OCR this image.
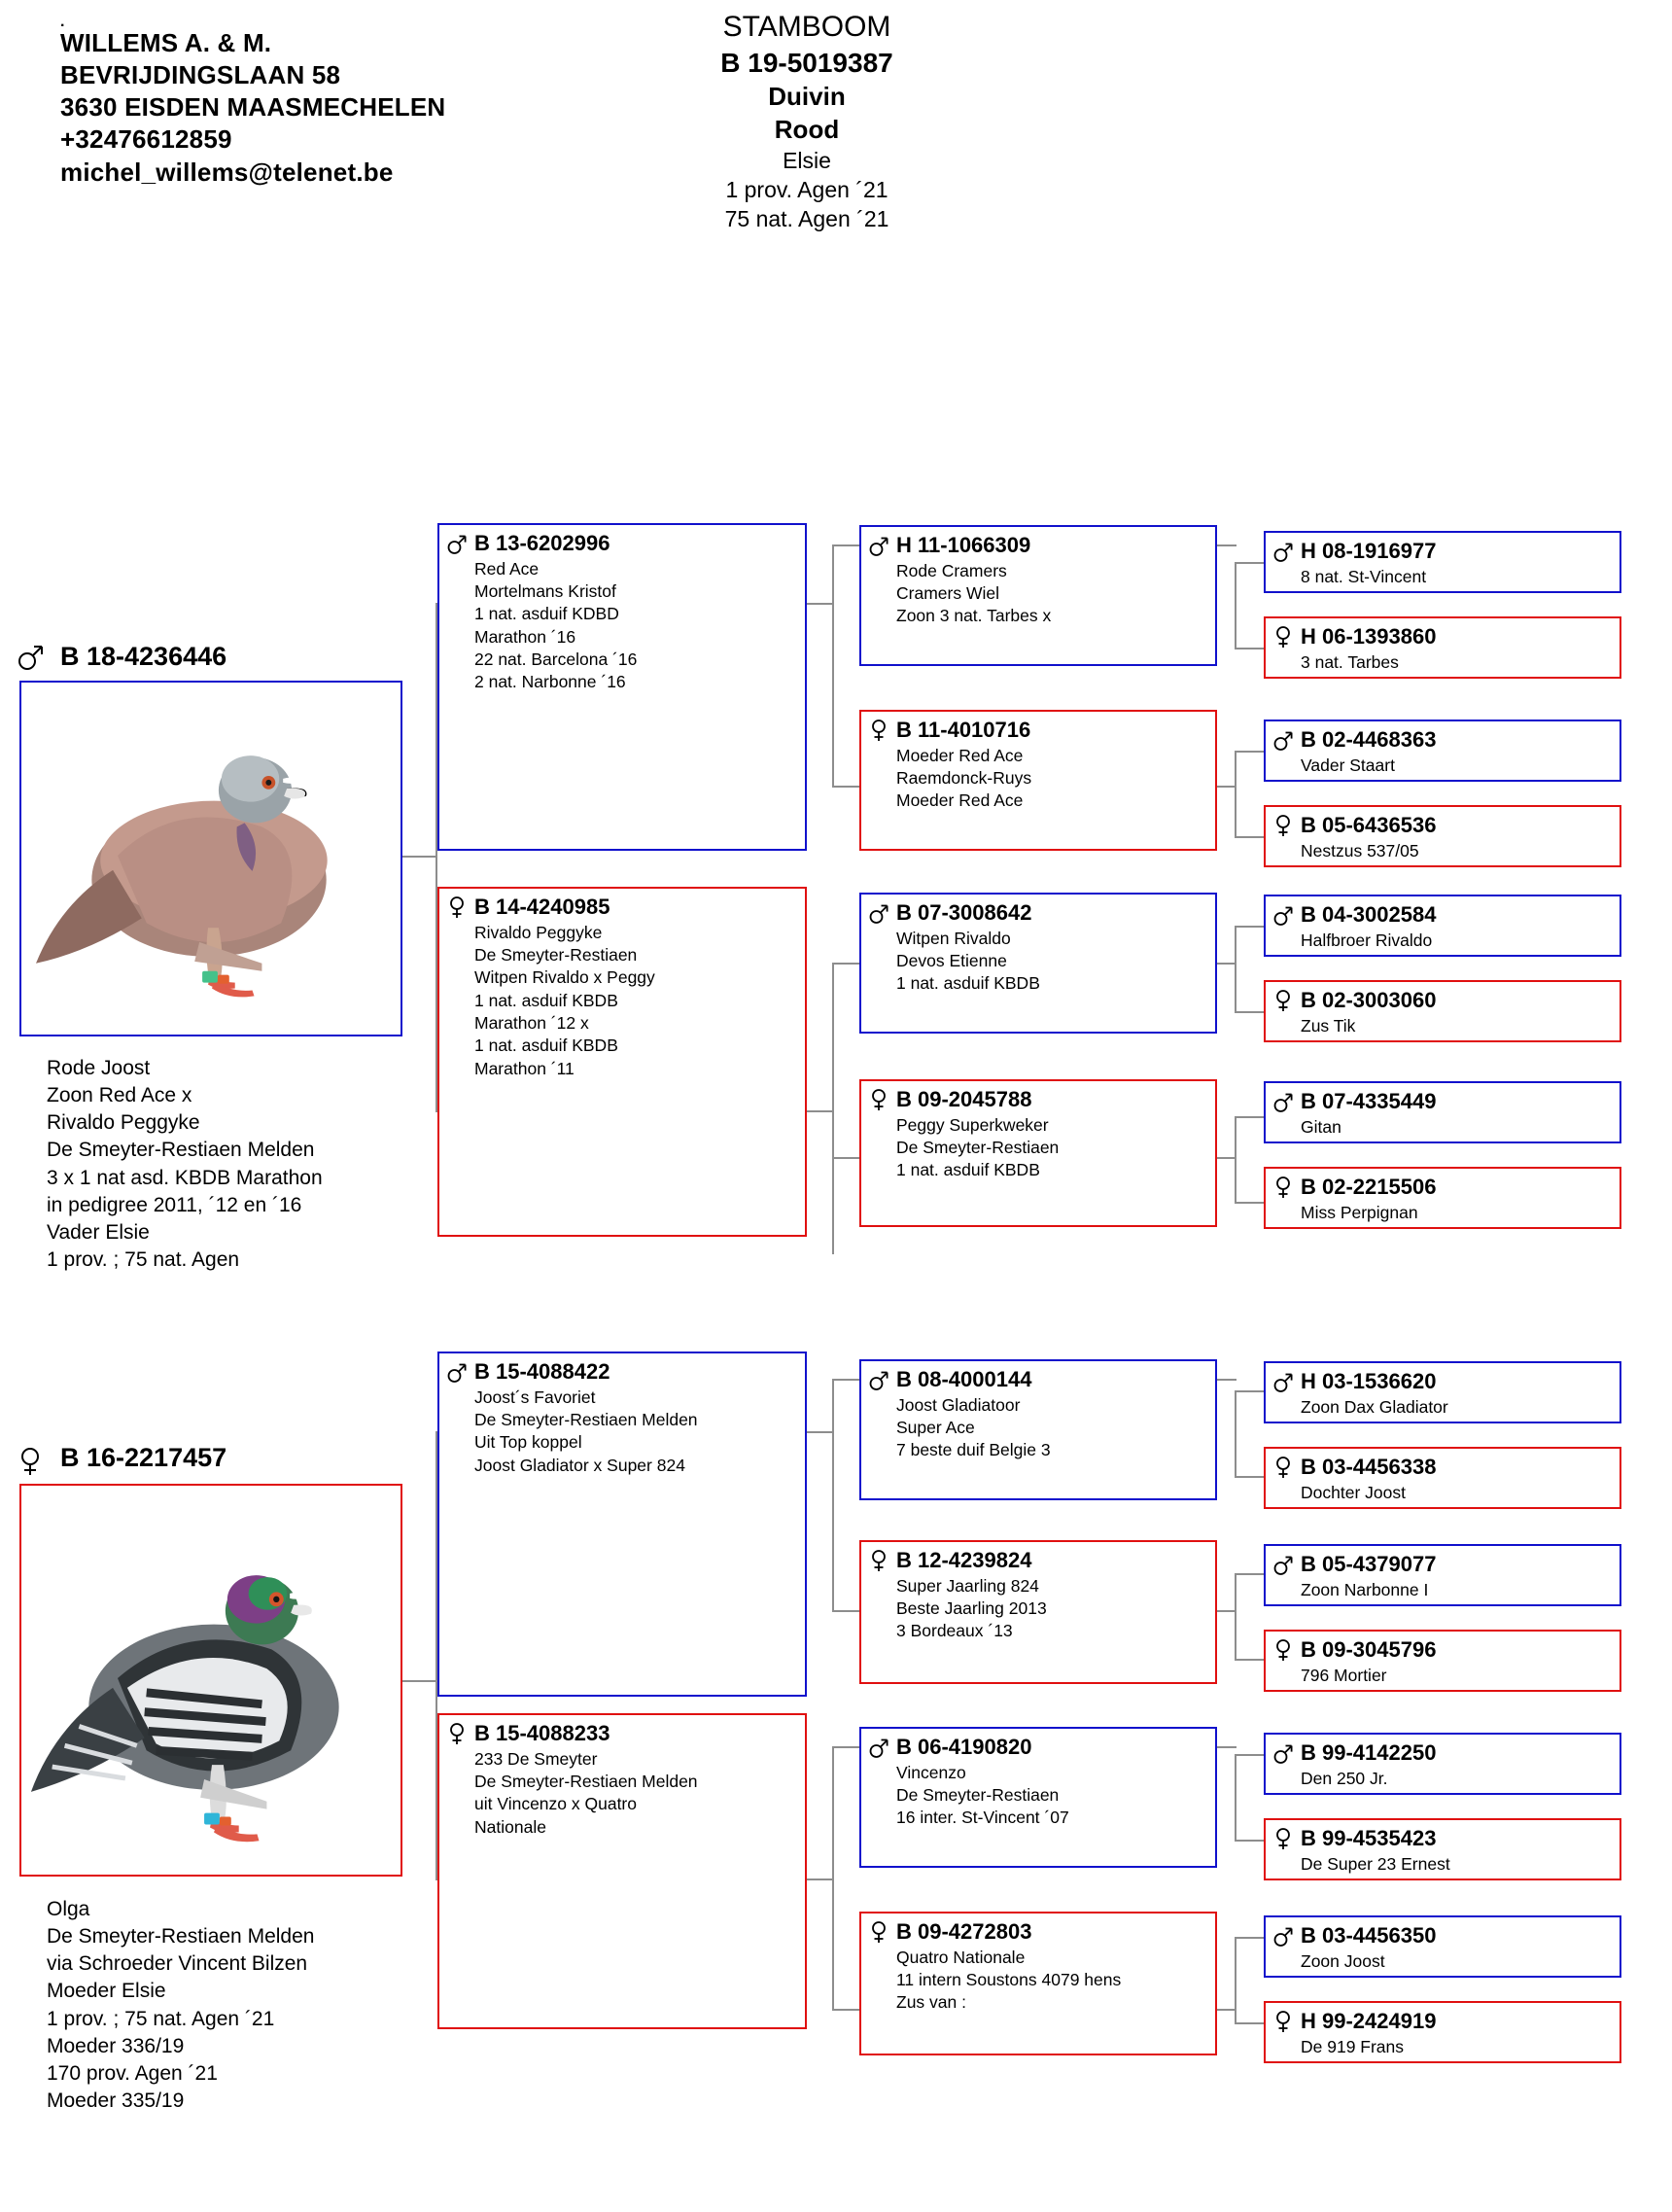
.
WILLEMS A. & M.
BEVRIJDINGSLAAN 58
3630 EISDEN MAASMECHELEN
+32476612859
michel_willems@telenet.be
STAMBOOM
B 19-5019387
Duivin
Rood
Elsie
1 prov. Agen ´21
75 nat. Agen ´21
B 18-4236446
Rode Joost
Zoon Red Ace x
Rivaldo Peggyke
De Smeyter-Restiaen Melden
3 x 1 nat asd. KBDB Marathon
in pedigree 2011, ´12 en ´16
Vader Elsie
1 prov. ; 75 nat. Agen
B 16-2217457
Olga
De Smeyter-Restiaen Melden
via Schroeder Vincent Bilzen
Moeder Elsie
1 prov. ; 75 nat. Agen ´21
Moeder 336/19
170 prov. Agen ´21
Moeder 335/19
B 13-6202996
Red Ace
Mortelmans Kristof
1 nat. asduif KDBD
Marathon ´16
22 nat. Barcelona ´16
2 nat. Narbonne ´16
B 14-4240985
Rivaldo Peggyke
De Smeyter-Restiaen
Witpen Rivaldo x Peggy
1 nat. asduif KBDB
Marathon ´12 x
1 nat. asduif KBDB
Marathon ´11
B 15-4088422
Joost´s Favoriet
De Smeyter-Restiaen Melden
Uit Top koppel
Joost Gladiator x Super 824
B 15-4088233
233 De Smeyter
De Smeyter-Restiaen Melden
uit Vincenzo x Quatro
Nationale
H 11-1066309
Rode Cramers
Cramers Wiel
Zoon 3 nat. Tarbes x
B 11-4010716
Moeder Red Ace
Raemdonck-Ruys
Moeder Red Ace
B 07-3008642
Witpen Rivaldo
Devos Etienne
1 nat. asduif KBDB
B 09-2045788
Peggy Superkweker
De Smeyter-Restiaen
1 nat. asduif KBDB
B 08-4000144
Joost Gladiatoor
Super Ace
7 beste duif Belgie 3
B 12-4239824
Super Jaarling 824
Beste Jaarling 2013
3 Bordeaux ´13
B 06-4190820
Vincenzo
De Smeyter-Restiaen
16 inter. St-Vincent ´07
B 09-4272803
Quatro Nationale
11 intern Soustons 4079 hens
Zus van :
H 08-1916977
8 nat. St-Vincent
H 06-1393860
3 nat. Tarbes
B 02-4468363
Vader Staart
B 05-6436536
Nestzus 537/05
B 04-3002584
Halfbroer Rivaldo
B 02-3003060
Zus Tik
B 07-4335449
Gitan
B 02-2215506
Miss Perpignan
H 03-1536620
Zoon Dax Gladiator
B 03-4456338
Dochter Joost
B 05-4379077
Zoon Narbonne I
B 09-3045796
796 Mortier
B 99-4142250
Den 250 Jr.
B 99-4535423
De Super 23 Ernest
B 03-4456350
Zoon Joost
H 99-2424919
De 919 Frans
